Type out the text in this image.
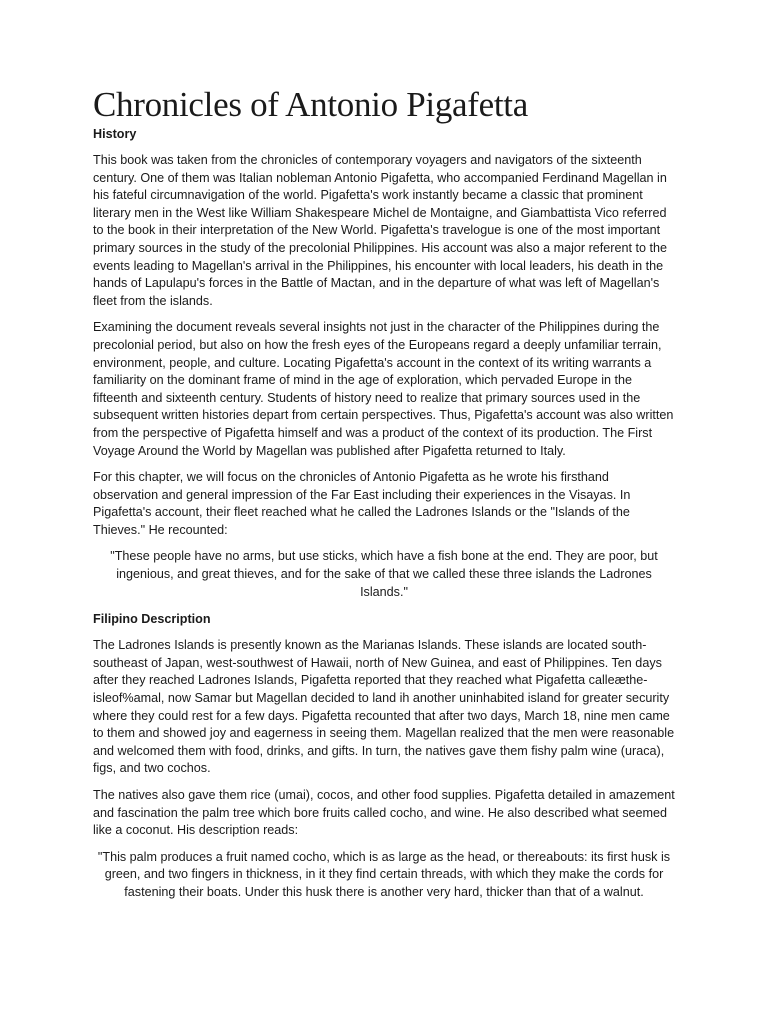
Chronicles of Antonio Pigafetta
History

This book was taken from the chronicles of contemporary voyagers and navigators of the sixteenth century. One of them was Italian nobleman Antonio Pigafetta, who accompanied Ferdinand Magellan in his fateful circumnavigation of the world. Pigafetta's work instantly became a classic that prominent literary men in the West like William Shakespeare Michel de Montaigne, and Giambattista Vico referred to the book in their interpretation of the New World. Pigafetta's travelogue is one of the most important primary sources in the study of the precolonial Philippines. His account was also a major referent to the events leading to Magellan's arrival in the Philippines, his encounter with local leaders, his death in the hands of Lapulapu's forces in the Battle of Mactan, and in the departure of what was left of Magellan's fleet from the islands.

Examining the document reveals several insights not just in the character of the Philippines during the precolonial period, but also on how the fresh eyes of the Europeans regard a deeply unfamiliar terrain, environment, people, and culture. Locating Pigafetta's account in the context of its writing warrants a familiarity on the dominant frame of mind in the age of exploration, which pervaded Europe in the fifteenth and sixteenth century. Students of history need to realize that primary sources used in the subsequent written histories depart from certain perspectives. Thus, Pigafetta's account was also written from the perspective of Pigafetta himself and was a product of the context of its production. The First Voyage Around the World by Magellan was published after Pigafetta returned to Italy.

For this chapter, we will focus on the chronicles of Antonio Pigafetta as he wrote his firsthand observation and general impression of the Far East including their experiences in the Visayas. In Pigafetta's account, their fleet reached what he called the Ladrones Islands or the "Islands of the Thieves." He recounted:

"These people have no arms, but use sticks, which have a fish bone at the end. They are poor, but ingenious, and great thieves, and for the sake of that we called these three islands the Ladrones Islands."

Filipino Description

The Ladrones Islands is presently known as the Marianas Islands. These islands are located south-southeast of Japan, west-southwest of Hawaii, north of New Guinea, and east of Philippines. Ten days after they reached Ladrones Islands, Pigafetta reported that they reached what Pigafetta calleæthe-isleof%amal, now Samar but Magellan decided to land ih another uninhabited island for greater security where they could rest for a few days. Pigafetta recounted that after two days, March 18, nine men came to them and showed joy and eagerness in seeing them. Magellan realized that the men were reasonable and welcomed them with food, drinks, and gifts. In turn, the natives gave them fishy palm wine (uraca), figs, and two cochos.

The natives also gave them rice (umai), cocos, and other food supplies. Pigafetta detailed in amazement and fascination the palm tree which bore fruits called cocho, and wine. He also described what seemed like a coconut. His description reads:

"This palm produces a fruit named cocho, which is as large as the head, or thereabouts: its first husk is green, and two fingers in thickness, in it they find certain threads, with which they make the cords for fastening their boats. Under this husk there is another very hard, thicker than that of a walnut.
